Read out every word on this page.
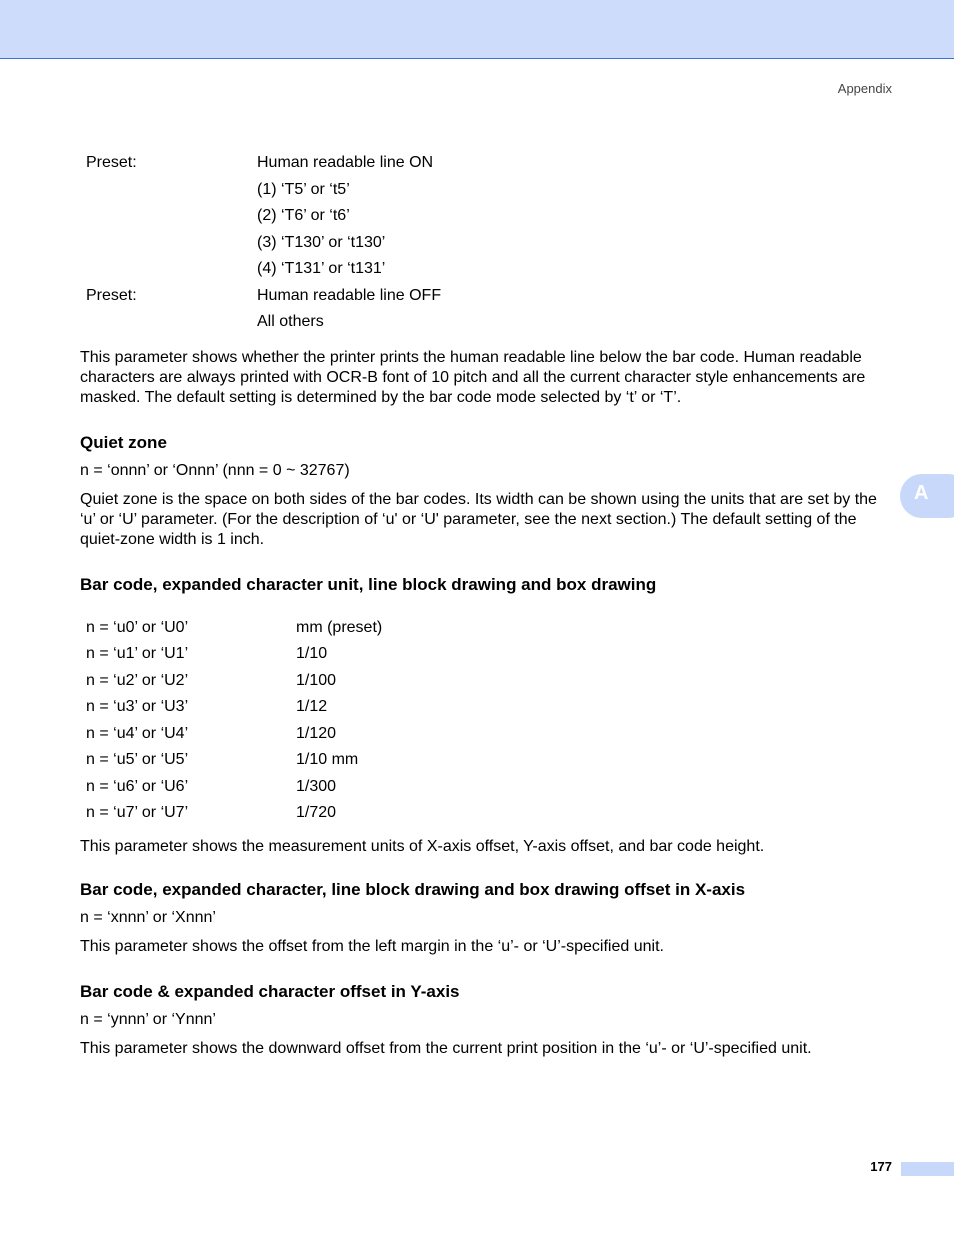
Appendix
A
Preset:	Human readable line ON
(1) ‘T5’ or ‘t5’
(2) ‘T6’ or ‘t6’
(3) ‘T130’ or ‘t130’
(4) ‘T131’ or ‘t131’
Preset:	Human readable line OFF
All others

This parameter shows whether the printer prints the human readable line below the bar code. Human readable characters are always printed with OCR-B font of 10 pitch and all the current character style enhancements are masked. The default setting is determined by the bar code mode selected by ‘t’ or ‘T’.

Quiet zone

n = ‘onnn’ or ‘Onnn’ (nnn = 0 ~ 32767)

Quiet zone is the space on both sides of the bar codes. Its width can be shown using the units that are set by the ‘u’ or ‘U’ parameter. (For the description of ‘u' or ‘U' parameter, see the next section.) The default setting of the quiet-zone width is 1 inch.

Bar code, expanded character unit, line block drawing and box drawing
n = ‘u0’ or ‘U0’	mm (preset)
n = ‘u1’ or ‘U1’	1/10
n = ‘u2’ or ‘U2’	1/100
n = ‘u3’ or ‘U3’	1/12
n = ‘u4’ or ‘U4’	1/120
n = ‘u5’ or ‘U5’	1/10 mm
n = ‘u6’ or ‘U6’	1/300
n = ‘u7’ or ‘U7’	1/720

This parameter shows the measurement units of X-axis offset, Y-axis offset, and bar code height.

Bar code, expanded character, line block drawing and box drawing offset in X-axis

n = ‘xnnn’ or ‘Xnnn’

This parameter shows the offset from the left margin in the ‘u’- or ‘U’-specified unit.

Bar code & expanded character offset in Y-axis

n = ‘ynnn’ or ‘Ynnn’

This parameter shows the downward offset from the current print position in the ‘u’- or ‘U’-specified unit.

177
